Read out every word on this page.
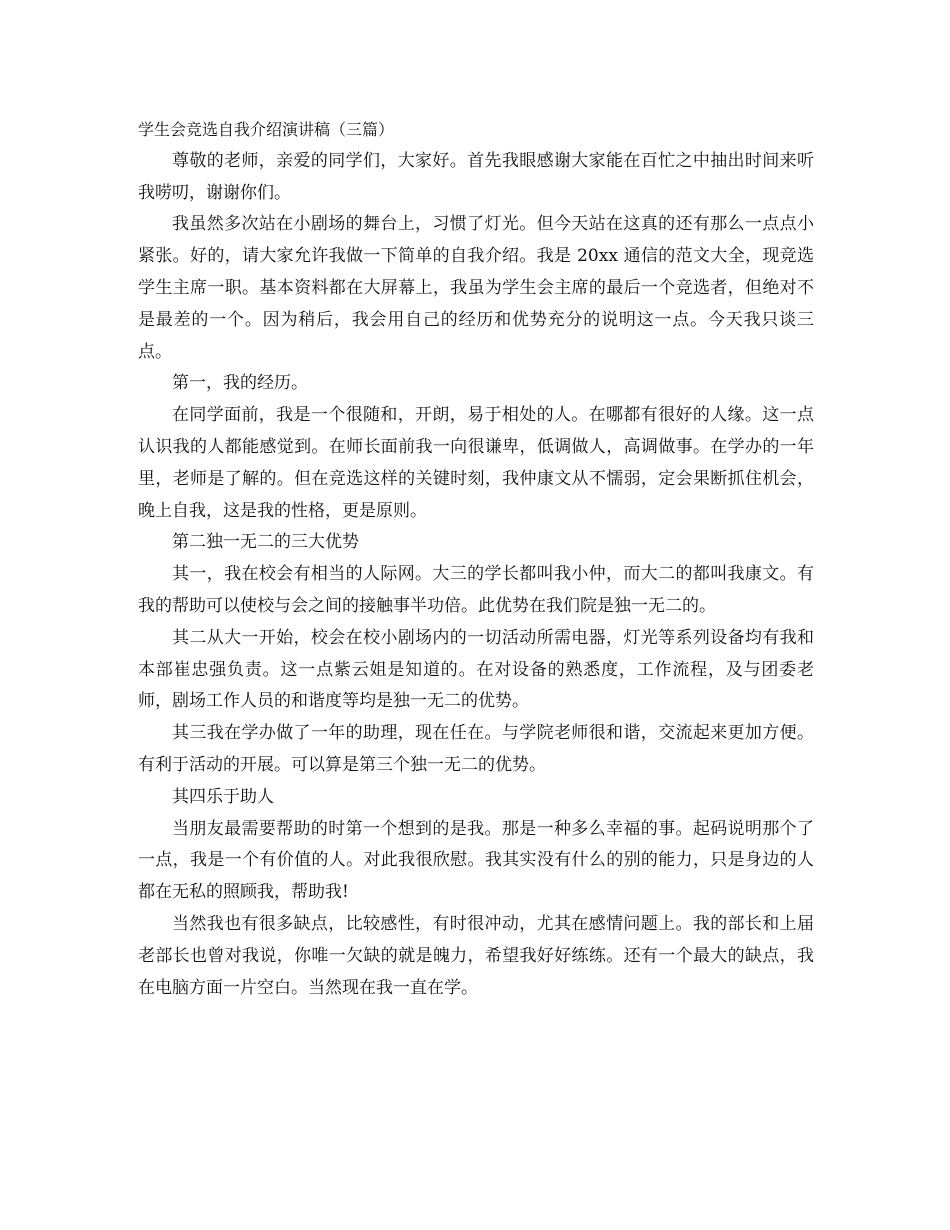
学生会竞选自我介绍演讲稿（三篇）

尊敬的老师，亲爱的同学们，大家好。首先我眼感谢大家能在百忙之中抽出时间来听我唠叨，谢谢你们。

我虽然多次站在小剧场的舞台上，习惯了灯光。但今天站在这真的还有那么一点点小紧张。好的，请大家允许我做一下简单的自我介绍。我是 20xx 通信的范文大全，现竞选学生主席一职。基本资料都在大屏幕上，我虽为学生会主席的最后一个竞选者，但绝对不是最差的一个。因为稍后，我会用自己的经历和优势充分的说明这一点。今天我只谈三点。

第一，我的经历。

在同学面前，我是一个很随和，开朗，易于相处的人。在哪都有很好的人缘。这一点认识我的人都能感觉到。在师长面前我一向很谦卑，低调做人，高调做事。在学办的一年里，老师是了解的。但在竞选这样的关键时刻，我仲康文从不懦弱，定会果断抓住机会，晚上自我，这是我的性格，更是原则。

第二独一无二的三大优势

其一，我在校会有相当的人际网。大三的学长都叫我小仲，而大二的都叫我康文。有我的帮助可以使校与会之间的接触事半功倍。此优势在我们院是独一无二的。

其二从大一开始，校会在校小剧场内的一切活动所需电器，灯光等系列设备均有我和本部崔忠强负责。这一点紫云姐是知道的。在对设备的熟悉度，工作流程，及与团委老师，剧场工作人员的和谐度等均是独一无二的优势。

其三我在学办做了一年的助理，现在任在。与学院老师很和谐，交流起来更加方便。有利于活动的开展。可以算是第三个独一无二的优势。

其四乐于助人

当朋友最需要帮助的时第一个想到的是我。那是一种多么幸福的事。起码说明那个了一点，我是一个有价值的人。对此我很欣慰。我其实没有什么的别的能力，只是身边的人都在无私的照顾我，帮助我!

当然我也有很多缺点，比较感性，有时很冲动，尤其在感情问题上。我的部长和上届老部长也曾对我说，你唯一欠缺的就是魄力，希望我好好练练。还有一个最大的缺点，我在电脑方面一片空白。当然现在我一直在学。
